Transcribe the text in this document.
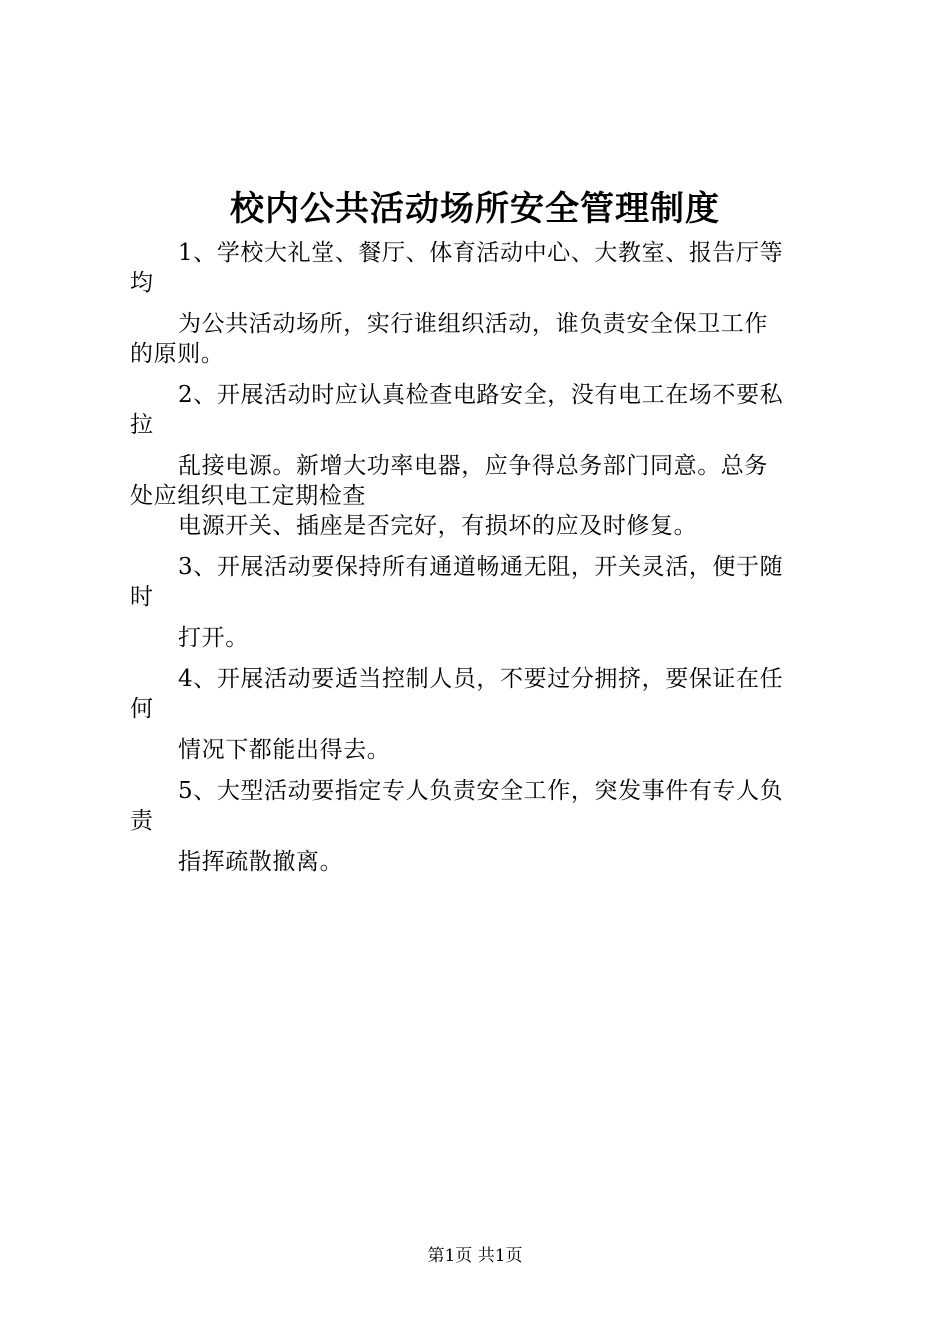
校内公共活动场所安全管理制度
1、学校大礼堂、餐厅、体育活动中心、大教室、报告厅等
均
为公共活动场所，实行谁组织活动，谁负责安全保卫工作
的原则。
2、开展活动时应认真检查电路安全，没有电工在场不要私
拉
乱接电源。新增大功率电器，应争得总务部门同意。总务
处应组织电工定期检查
电源开关、插座是否完好，有损坏的应及时修复。
3、开展活动要保持所有通道畅通无阻，开关灵活，便于随
时
打开。
4、开展活动要适当控制人员，不要过分拥挤，要保证在任
何
情况下都能出得去。
5、大型活动要指定专人负责安全工作，突发事件有专人负
责
指挥疏散撤离。
第1页 共1页
